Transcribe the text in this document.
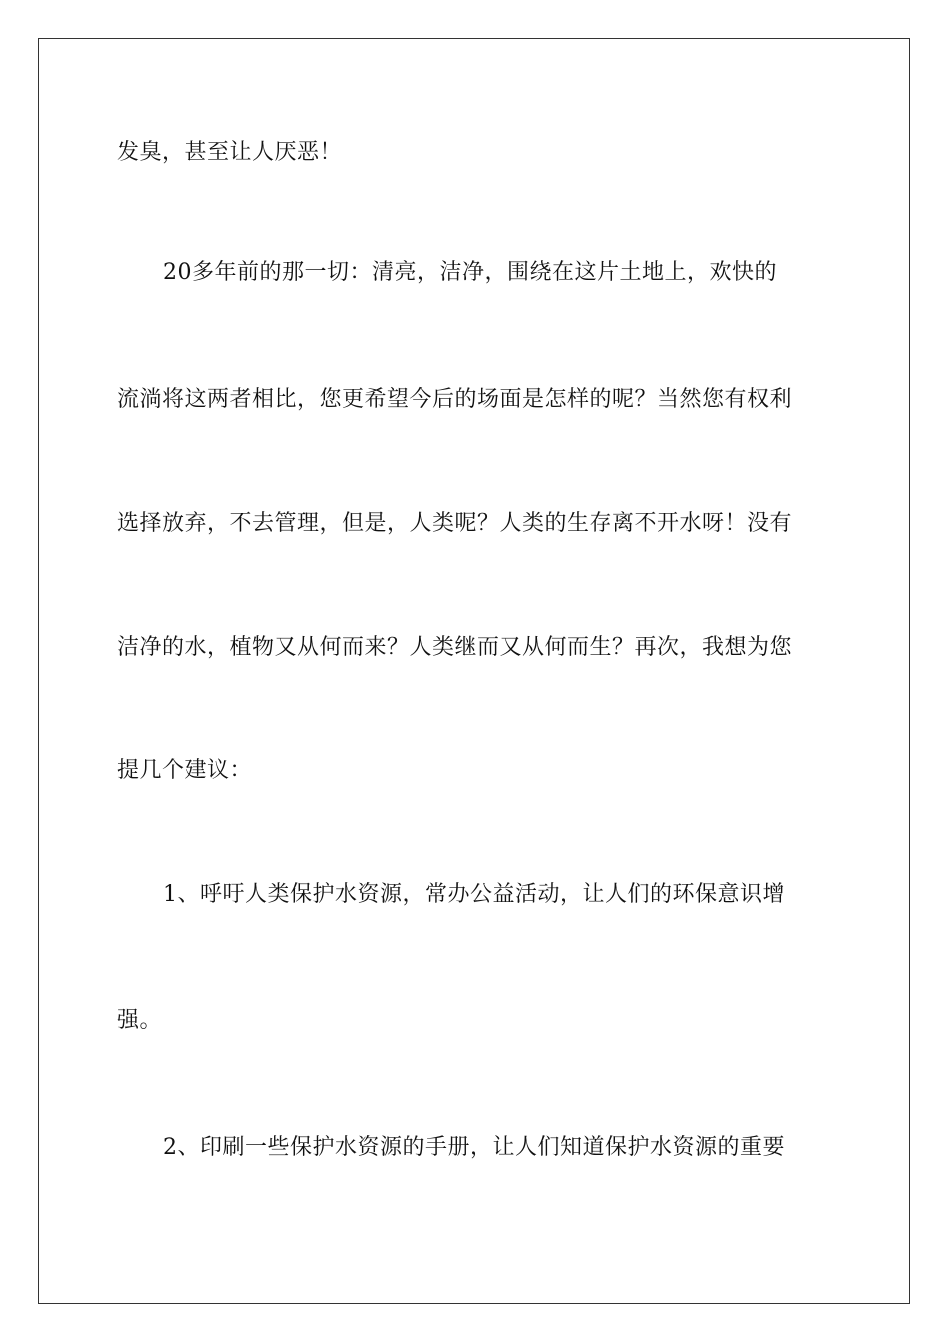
发臭，甚至让人厌恶！
20多年前的那一切：清亮，洁净，围绕在这片土地上，欢快的
流淌将这两者相比，您更希望今后的场面是怎样的呢？当然您有权利
选择放弃，不去管理，但是，人类呢？人类的生存离不开水呀！没有
洁净的水，植物又从何而来？人类继而又从何而生？再次，我想为您
提几个建议：
1、呼吁人类保护水资源，常办公益活动，让人们的环保意识增
强。
2、印刷一些保护水资源的手册，让人们知道保护水资源的重要
